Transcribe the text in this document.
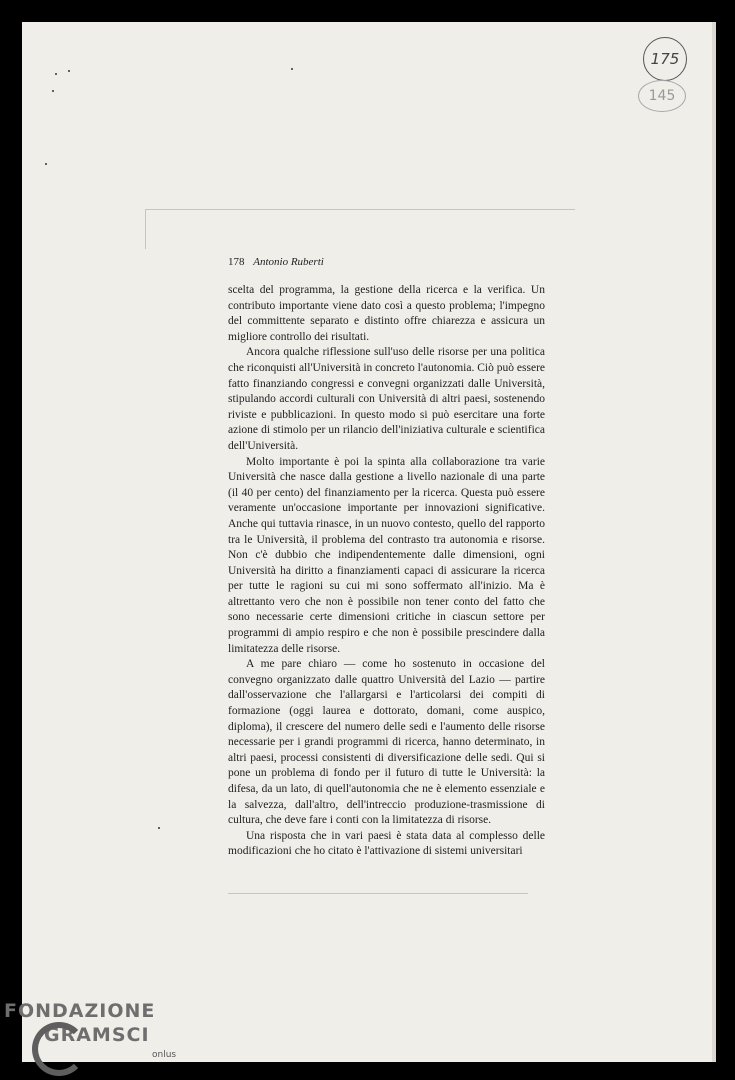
175
145
178 Antonio Ruberti

scelta del programma, la gestione della ricerca e la verifica. Un contributo importante viene dato così a questo problema; l'impegno del committente separato e distinto offre chiarezza e assicura un migliore controllo dei risultati.

Ancora qualche riflessione sull'uso delle risorse per una politica che riconquisti all'Università in concreto l'autonomia. Ciò può essere fatto finanziando congressi e convegni organizzati dalle Università, stipulando accordi culturali con Università di altri paesi, sostenendo riviste e pubblicazioni. In questo modo si può esercitare una forte azione di stimolo per un rilancio dell'iniziativa culturale e scientifica dell'Università.

Molto importante è poi la spinta alla collaborazione tra varie Università che nasce dalla gestione a livello nazionale di una parte (il 40 per cento) del finanziamento per la ricerca. Questa può essere veramente un'occasione importante per innovazioni significative. Anche qui tuttavia rinasce, in un nuovo contesto, quello del rapporto tra le Università, il problema del contrasto tra autonomia e risorse. Non c'è dubbio che indipendentemente dalle dimensioni, ogni Università ha diritto a finanziamenti capaci di assicurare la ricerca per tutte le ragioni su cui mi sono soffermato all'inizio. Ma è altrettanto vero che non è possibile non tener conto del fatto che sono necessarie certe dimensioni critiche in ciascun settore per programmi di ampio respiro e che non è possibile prescindere dalla limitatezza delle risorse.

A me pare chiaro — come ho sostenuto in occasione del convegno organizzato dalle quattro Università del Lazio — partire dall'osservazione che l'allargarsi e l'articolarsi dei compiti di formazione (oggi laurea e dottorato, domani, come auspico, diploma), il crescere del numero delle sedi e l'aumento delle risorse necessarie per i grandi programmi di ricerca, hanno determinato, in altri paesi, processi consistenti di diversificazione delle sedi. Qui si pone un problema di fondo per il futuro di tutte le Università: la difesa, da un lato, di quell'autonomia che ne è elemento essenziale e la salvezza, dall'altro, dell'intreccio produzione-trasmissione di cultura, che deve fare i conti con la limitatezza di risorse.

Una risposta che in vari paesi è stata data al complesso delle modificazioni che ho citato è l'attivazione di sistemi universitari

FONDAZIONE
GRAMSCI
onlus
